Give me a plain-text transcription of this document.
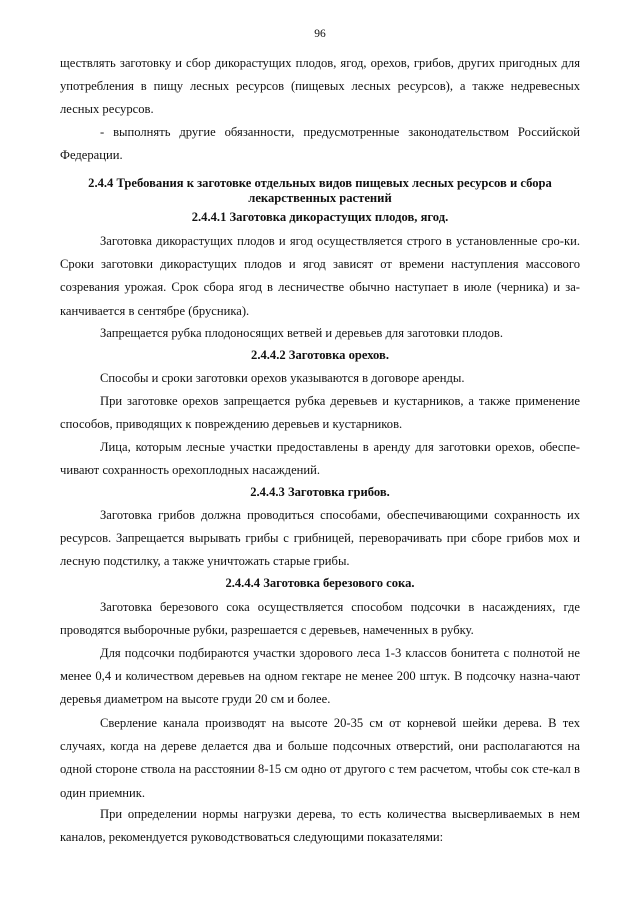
96

ществлять заготовку и сбор дикорастущих плодов, ягод, орехов, грибов, других пригодных для употребления в пищу лесных ресурсов (пищевых лесных ресурсов), а также недревесных лесных ресурсов.

- выполнять другие обязанности, предусмотренные законодательством Российской Федерации.

2.4.4 Требования к заготовке отдельных видов пищевых лесных ресурсов и сбора лекарственных растений

2.4.4.1 Заготовка дикорастущих плодов, ягод.

Заготовка дикорастущих плодов и ягод осуществляется строго в установленные сро-ки. Сроки заготовки дикорастущих плодов и ягод зависят от времени наступления массового созревания урожая. Срок сбора ягод в лесничестве обычно наступает в июле (черника) и за-канчивается в сентябре (брусника).

Запрещается рубка плодоносящих ветвей и деревьев для заготовки плодов.

2.4.4.2 Заготовка орехов.

Способы и сроки заготовки орехов указываются в договоре аренды.

При заготовке орехов запрещается рубка деревьев и кустарников, а также применение способов, приводящих к повреждению деревьев и кустарников.

Лица, которым лесные участки предоставлены в аренду для заготовки орехов, обеспе-чивают сохранность орехоплодных насаждений.

2.4.4.3 Заготовка грибов.

Заготовка грибов должна проводиться способами, обеспечивающими сохранность их ресурсов. Запрещается вырывать грибы с грибницей, переворачивать при сборе грибов мох и лесную подстилку, а также уничтожать старые грибы.

2.4.4.4 Заготовка березового сока.

Заготовка березового сока осуществляется способом подсочки в насаждениях, где проводятся выборочные рубки, разрешается с деревьев, намеченных в рубку.

Для подсочки подбираются участки здорового леса 1-3 классов бонитета с полнотой не менее 0,4 и количеством деревьев на одном гектаре не менее 200 штук. В подсочку назна-чают деревья диаметром на высоте груди 20 см и более.

Сверление канала производят на высоте 20-35 см от корневой шейки дерева. В тех случаях, когда на дереве делается два и больше подсочных отверстий, они располагаются на одной стороне ствола на расстоянии 8-15 см одно от другого с тем расчетом, чтобы сок сте-кал в один приемник.

При определении нормы нагрузки дерева, то есть количества высверливаемых в нем каналов, рекомендуется руководствоваться следующими показателями:
